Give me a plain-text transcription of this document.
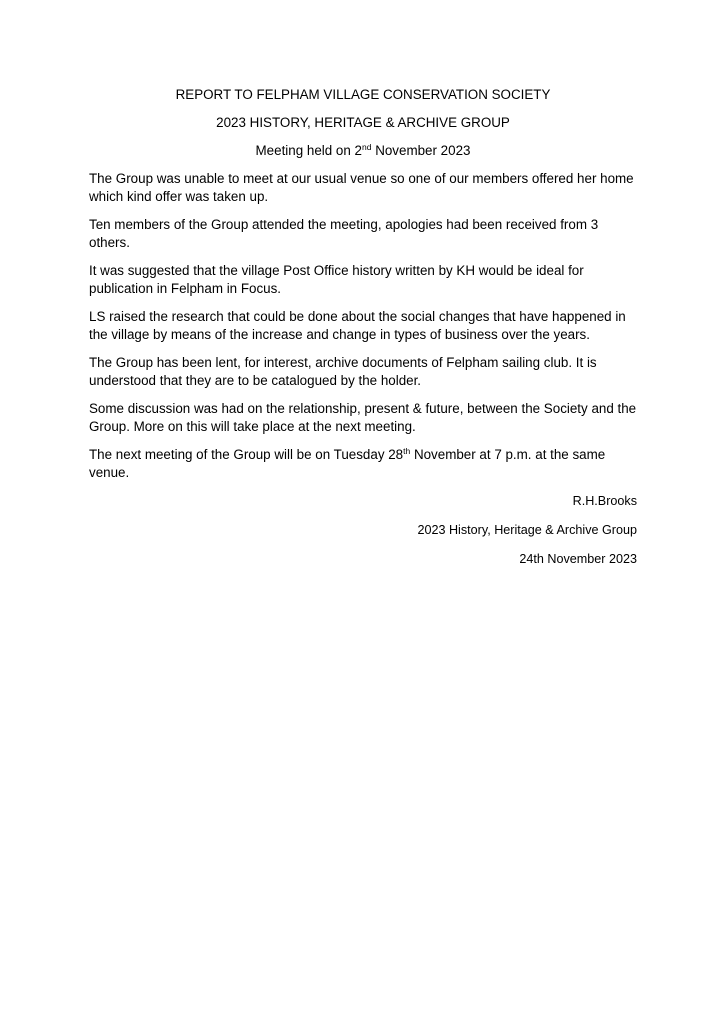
REPORT TO FELPHAM VILLAGE CONSERVATION SOCIETY
2023 HISTORY, HERITAGE & ARCHIVE GROUP
Meeting held on 2nd November 2023

The Group was unable to meet at our usual venue so one of our members offered her home which kind offer was taken up.

Ten members of the Group attended the meeting, apologies had been received from 3 others.

It was suggested that the village Post Office history written by KH would be ideal for publication in Felpham in Focus.

LS raised the research that could be done about the social changes that have happened in the village by means of the increase and change in types of business over the years.

The Group has been lent, for interest, archive documents of Felpham sailing club. It is understood that they are to be catalogued by the holder.

Some discussion was had on the relationship, present & future, between the Society and the Group. More on this will take place at the next meeting.

The next meeting of the Group will be on Tuesday 28th November at 7 p.m. at the same venue.

R.H.Brooks
2023 History, Heritage & Archive Group
24th November 2023
